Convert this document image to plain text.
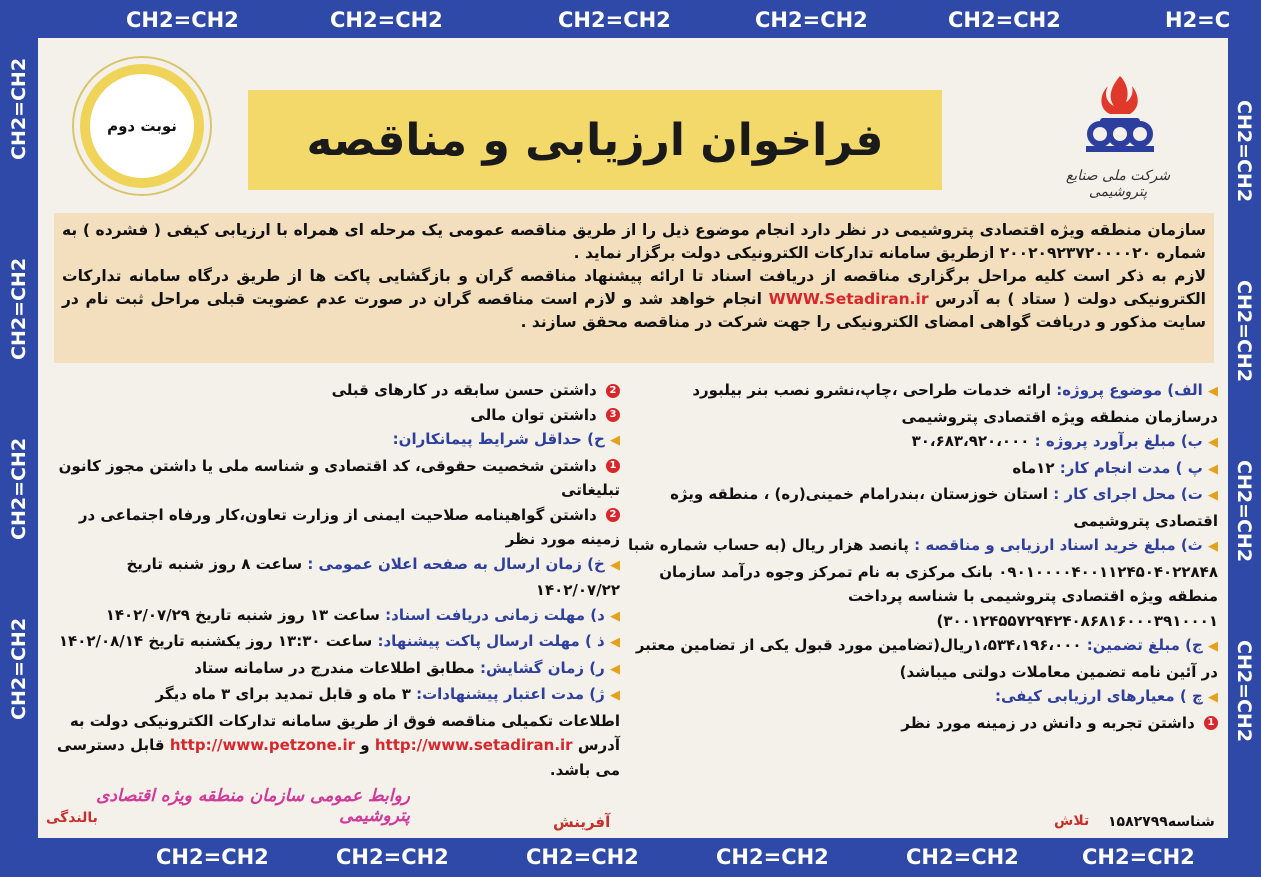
CH2=CH2	CH2=CH2	CH2=CH2	CH2=CH2	CH2=CH2	H2=C
CH2=CH2	CH2=CH2	CH2=CH2	CH2=CH2	CH2=CH2	CH2=CH2
CH2=CH2
CH2=CH2
CH2=CH2
CH2=CH2
CH2=CH2
CH2=CH2
CH2=CH2
CH2=CH2
نوبت دوم	فراخوان ارزیابی و مناقصه
شرکت ملی صنایع پتروشیمی

سازمان منطقه ویژه اقتصادی پتروشیمی در نظر دارد انجام موضوع ذیل را از طریق مناقصه عمومی یک مرحله ای همراه با ارزیابی کیفی ( فشرده ) به شماره ۲۰۰۲۰۹۲۳۷۲۰۰۰۰۲۰ ازطریق سامانه تدارکات الکترونیکی دولت برگزار نماید .

لازم به ذکر است کلیه مراحل برگزاری مناقصه از دریافت اسناد تا ارائه پیشنهاد مناقصه گران و بازگشایی پاکت ها از طریق درگاه سامانه تدارکات الکترونیکی دولت ( ستاد ) به آدرس WWW.Setadiran.ir انجام خواهد شد و لازم است مناقصه گران در صورت عدم عضویت قبلی مراحل ثبت نام در سایت مذکور و دریافت گواهی امضای الکترونیکی را جهت شرکت در مناقصه محقق سازند .

◀ الف) موضوع پروژه: ارائه خدمات طراحی ،چاپ،نشرو نصب بنر بیلبورد درسازمان منطقه ویژه اقتصادی پتروشیمی
◀ ب) مبلغ برآورد پروژه : ۳۰،۶۸۳،۹۲۰،۰۰۰
◀ پ ) مدت انجام کار: ۱۲ماه
◀ ت) محل اجرای کار : استان خوزستان ،بندرامام خمینی(ره) ، منطقه ویژه اقتصادی پتروشیمی
◀ ث) مبلغ خرید اسناد ارزیابی و مناقصه : پانصد هزار ریال (به حساب شماره شبا ۰۹۰۱۰۰۰۰۴۰۰۱۱۲۴۵۰۴۰۲۲۸۴۸ بانک مرکزی به نام تمرکز وجوه درآمد سازمان منطقه ویژه اقتصادی پتروشیمی با شناسه پرداخت ۳۰۰۱۲۴۵۵۷۲۹۴۲۴۰۸۶۸۱۶۰۰۰۳۹۱۰۰۰۱)
◀ ج) مبلغ تضمین: ۱،۵۳۴،۱۹۶،۰۰۰ریال(تضامین مورد قبول یکی از تضامین معتبر در آئین نامه تضمین معاملات دولتی میباشد)
◀ چ ) معیارهای ارزیابی کیفی:
1 داشتن تجربه و دانش در زمینه مورد نظر
2 داشتن حسن سابقه در کارهای قبلی
3 داشتن توان مالی
◀ ح) حداقل شرایط پیمانکاران:
1 داشتن شخصیت حقوقی، کد اقتصادی و شناسه ملی یا داشتن مجوز کانون تبلیغاتی
2 داشتن گواهینامه صلاحیت ایمنی از وزارت تعاون،کار ورفاه اجتماعی در زمینه مورد نظر
◀ خ) زمان ارسال به صفحه اعلان عمومی : ساعت ۸ روز شنبه تاریخ ۱۴۰۲/۰۷/۲۲
◀ د) مهلت زمانی دریافت اسناد: ساعت ۱۳ روز شنبه تاریخ ۱۴۰۲/۰۷/۲۹
◀ ذ ) مهلت ارسال پاکت پیشنهاد: ساعت ۱۳:۳۰ روز یکشنبه تاریخ ۱۴۰۲/۰۸/۱۴
◀ ر) زمان گشایش: مطابق اطلاعات مندرج در سامانه ستاد
◀ ژ) مدت اعتبار پیشنهادات: ۳ ماه و قابل تمدید برای ۳ ماه دیگر
اطلاعات تکمیلی مناقصه فوق از طریق سامانه تدارکات الکترونیکی دولت به آدرس http://www.setadiran.ir و http://www.petzone.ir قابل دسترسی می باشد.
روابط عمومی سازمان منطقه ویژه اقتصادی پتروشیمی
بالندگی	آفرینش	تلاش شناسه۱۵۸۲۷۹۹
